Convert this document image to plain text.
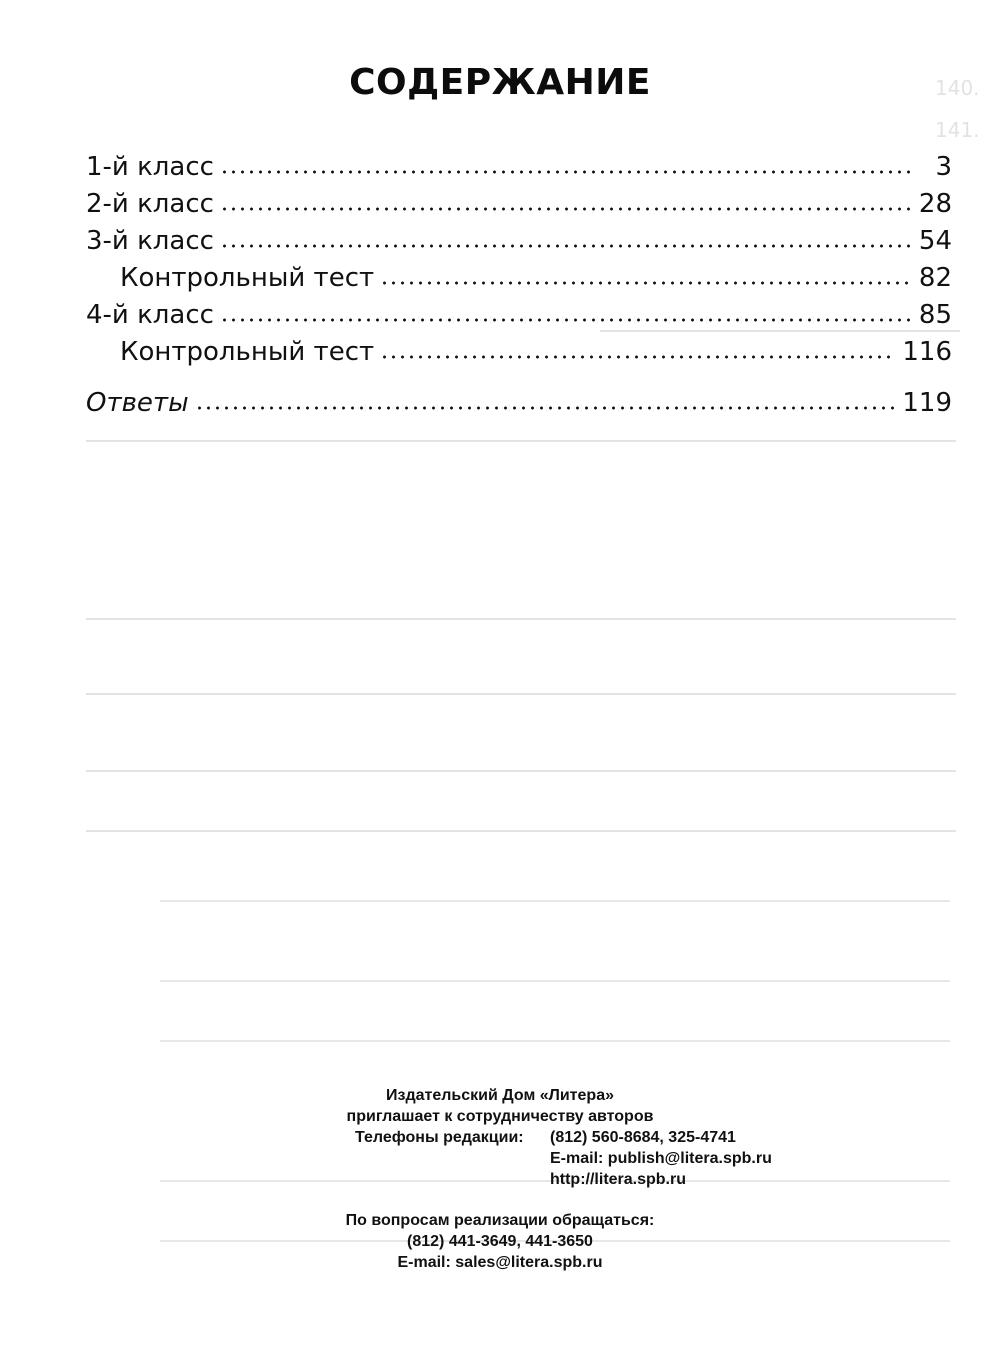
140.
141.
СОДЕРЖАНИЕ
1-й класс	3
2-й класс	28
3-й класс	54
Контрольный тест	82
4-й класс	85
Контрольный тест	116
Ответы	119
Издательский Дом «Литера»
приглашает к сотрудничеству авторов
Телефоны редакции: (812) 560-8684, 325-4741
E-mail: publish@litera.spb.ru
http://litera.spb.ru
По вопросам реализации обращаться:
(812) 441-3649, 441-3650
E-mail: sales@litera.spb.ru
